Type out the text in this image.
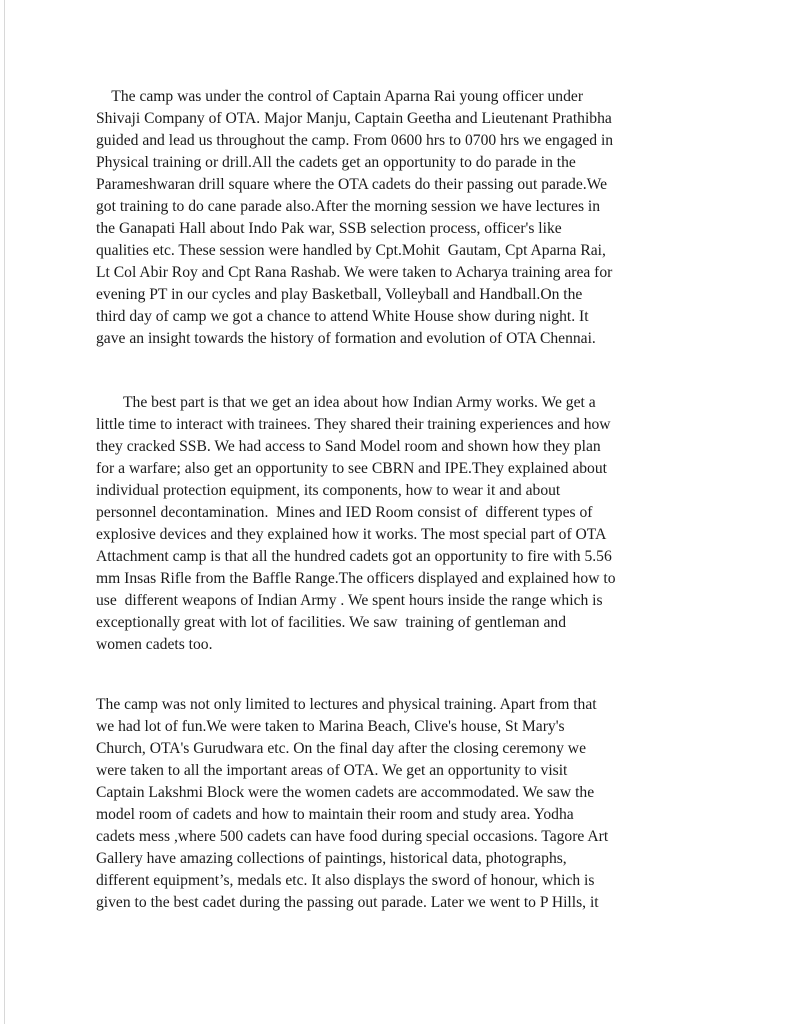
The camp was under the control of Captain Aparna Rai young officer under
Shivaji Company of OTA. Major Manju, Captain Geetha and Lieutenant Prathibha
guided and lead us throughout the camp. From 0600 hrs to 0700 hrs we engaged in
Physical training or drill.All the cadets get an opportunity to do parade in the
Parameshwaran drill square where the OTA cadets do their passing out parade.We
got training to do cane parade also.After the morning session we have lectures in
the Ganapati Hall about Indo Pak war, SSB selection process, officer's like
qualities etc. These session were handled by Cpt.Mohit  Gautam, Cpt Aparna Rai,
Lt Col Abir Roy and Cpt Rana Rashab. We were taken to Acharya training area for
evening PT in our cycles and play Basketball, Volleyball and Handball.On the
third day of camp we got a chance to attend White House show during night. It
gave an insight towards the history of formation and evolution of OTA Chennai.
The best part is that we get an idea about how Indian Army works. We get a
little time to interact with trainees. They shared their training experiences and how
they cracked SSB. We had access to Sand Model room and shown how they plan
for a warfare; also get an opportunity to see CBRN and IPE.They explained about
individual protection equipment, its components, how to wear it and about
personnel decontamination.  Mines and IED Room consist of  different types of
explosive devices and they explained how it works. The most special part of OTA
Attachment camp is that all the hundred cadets got an opportunity to fire with 5.56
mm Insas Rifle from the Baffle Range.The officers displayed and explained how to
use  different weapons of Indian Army . We spent hours inside the range which is
exceptionally great with lot of facilities. We saw  training of gentleman and
women cadets too.
The camp was not only limited to lectures and physical training. Apart from that
we had lot of fun.We were taken to Marina Beach, Clive's house, St Mary's
Church, OTA's Gurudwara etc. On the final day after the closing ceremony we
were taken to all the important areas of OTA. We get an opportunity to visit
Captain Lakshmi Block were the women cadets are accommodated. We saw the
model room of cadets and how to maintain their room and study area. Yodha
cadets mess ,where 500 cadets can have food during special occasions. Tagore Art
Gallery have amazing collections of paintings, historical data, photographs,
different equipment’s, medals etc. It also displays the sword of honour, which is
given to the best cadet during the passing out parade. Later we went to P Hills, it
